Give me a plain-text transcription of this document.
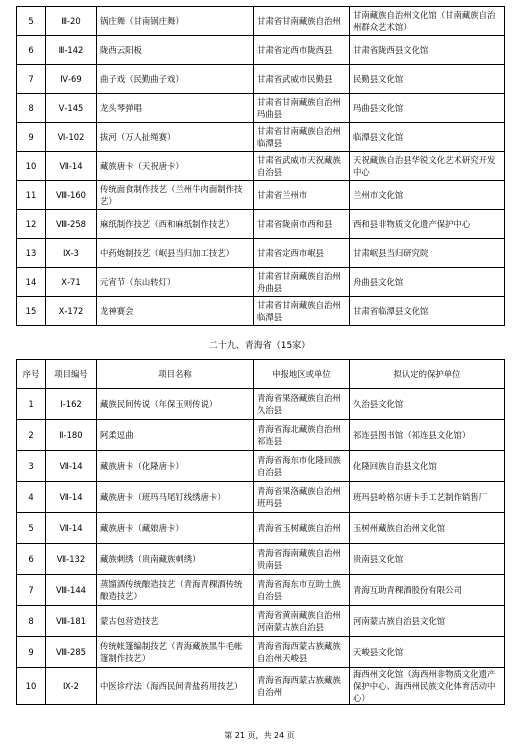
5	Ⅲ-20	锅庄舞（甘南锅庄舞）	甘肃省甘南藏族自治州	甘南藏族自治州文化馆（甘南藏族自治州群众艺术馆）
6	Ⅲ-142	陇西云阳板	甘肃省定西市陇西县	甘肃省陇西县文化馆
7	Ⅳ-69	曲子戏（民勤曲子戏）	甘肃省武威市民勤县	民勤县文化馆
8	Ⅴ-145	龙头琴弹唱	甘肃省甘南藏族自治州玛曲县	玛曲县文化馆
9	Ⅵ-102	拔河（万人扯绳赛）	甘肃省甘南藏族自治州临潭县	临潭县文化馆
10	Ⅶ-14	藏族唐卡（天祝唐卡）	甘肃省武威市天祝藏族自治县	天祝藏族自治县华锐文化艺术研究开发中心
11	Ⅷ-160	传统面食制作技艺（兰州牛肉面制作技艺）	甘肃省兰州市	兰州市文化馆
12	Ⅷ-258	麻纸制作技艺（西和麻纸制作技艺）	甘肃省陇南市西和县	西和县非物质文化遗产保护中心
13	Ⅸ-3	中药炮制技艺（岷县当归加工技艺）	甘肃省定西市岷县	甘肃岷县当归研究院
14	Ⅹ-71	元宵节（东山转灯）	甘肃省甘南藏族自治州舟曲县	舟曲县文化馆
15	Ⅹ-172	龙神赛会	甘肃省甘南藏族自治州临潭县	甘肃省临潭县文化馆
二十九、青海省（15家）
序号	项目编号	项目名称	申报地区或单位	拟认定的保护单位
1	Ⅰ-162	藏族民间传说（年保玉则传说）	青海省果洛藏族自治州久治县	久治县文化馆
2	Ⅱ-180	阿柔逗曲	青海省海北藏族自治州祁连县	祁连县图书馆（祁连县文化馆）
3	Ⅶ-14	藏族唐卡（化隆唐卡）	青海省海东市化隆回族自治县	化隆回族自治县文化馆
4	Ⅶ-14	藏族唐卡（班玛马尾钉线绣唐卡）	青海省果洛藏族自治州班玛县	班玛县岭格尔唐卡手工艺制作销售厂
5	Ⅶ-14	藏族唐卡（藏娘唐卡）	青海省玉树藏族自治州	玉树州藏族自治州文化馆
6	Ⅶ-132	藏族刺绣（贵南藏族刺绣）	青海省海南藏族自治州贵南县	贵南县文化馆
7	Ⅷ-144	蒸馏酒传统酿造技艺（青海青稞酒传统酿造技艺）	青海省海东市互助土族自治县	青海互助青稞酒股份有限公司
8	Ⅷ-181	蒙古包营造技艺	青海省黄南藏族自治州河南蒙古族自治县	河南蒙古族自治县文化馆
9	Ⅷ-285	传统帐篷编制技艺（青海藏族黑牛毛帐篷制作技艺）	青海省海西蒙古族藏族自治州天峻县	天峻县文化馆
10	Ⅸ-2	中医诊疗法（海西民间青盐药用技艺）	青海省海西蒙古族藏族自治州	海西州文化馆（海西州非物质文化遗产保护中心、海西州民族文化体育活动中心）
第 21 页，共 24 页
